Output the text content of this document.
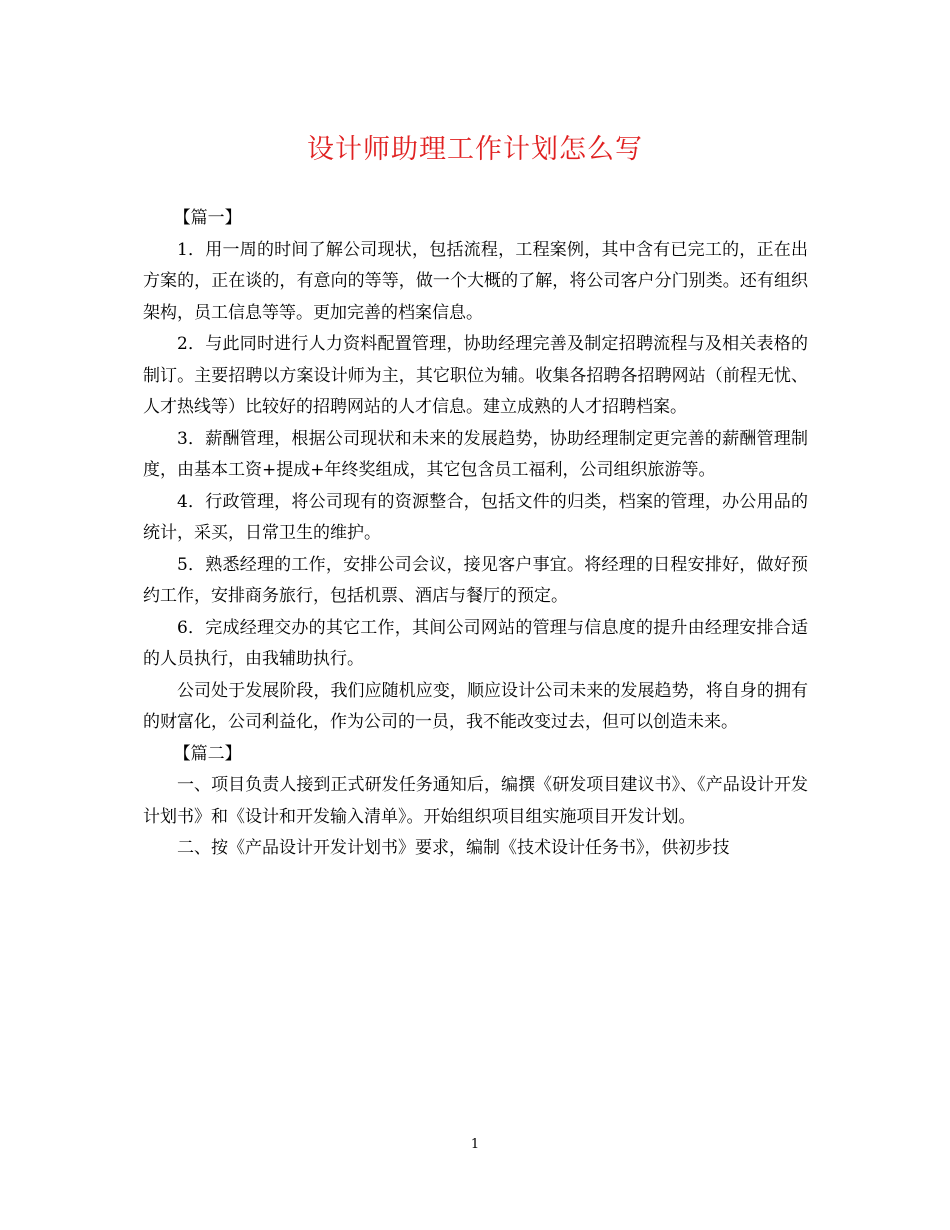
设计师助理工作计划怎么写

【篇一】

1．用一周的时间了解公司现状，包括流程，工程案例，其中含有已完工的，正在出方案的，正在谈的，有意向的等等，做一个大概的了解，将公司客户分门别类。还有组织架构，员工信息等等。更加完善的档案信息。

2．与此同时进行人力资料配置管理，协助经理完善及制定招聘流程与及相关表格的制订。主要招聘以方案设计师为主，其它职位为辅。收集各招聘各招聘网站（前程无忧、人才热线等）比较好的招聘网站的人才信息。建立成熟的人才招聘档案。

3．薪酬管理，根据公司现状和未来的发展趋势，协助经理制定更完善的薪酬管理制度，由基本工资+提成+年终奖组成，其它包含员工福利，公司组织旅游等。

4．行政管理，将公司现有的资源整合，包括文件的归类，档案的管理，办公用品的统计，采买，日常卫生的维护。

5．熟悉经理的工作，安排公司会议，接见客户事宜。将经理的日程安排好，做好预约工作，安排商务旅行，包括机票、酒店与餐厅的预定。

6．完成经理交办的其它工作，其间公司网站的管理与信息度的提升由经理安排合适的人员执行，由我辅助执行。

公司处于发展阶段，我们应随机应变，顺应设计公司未来的发展趋势，将自身的拥有的财富化，公司利益化，作为公司的一员，我不能改变过去，但可以创造未来。

【篇二】

一、项目负责人接到正式研发任务通知后，编撰《研发项目建议书》、《产品设计开发计划书》和《设计和开发输入清单》。开始组织项目组实施项目开发计划。

二、按《产品设计开发计划书》要求，编制《技术设计任务书》，供初步技

1
